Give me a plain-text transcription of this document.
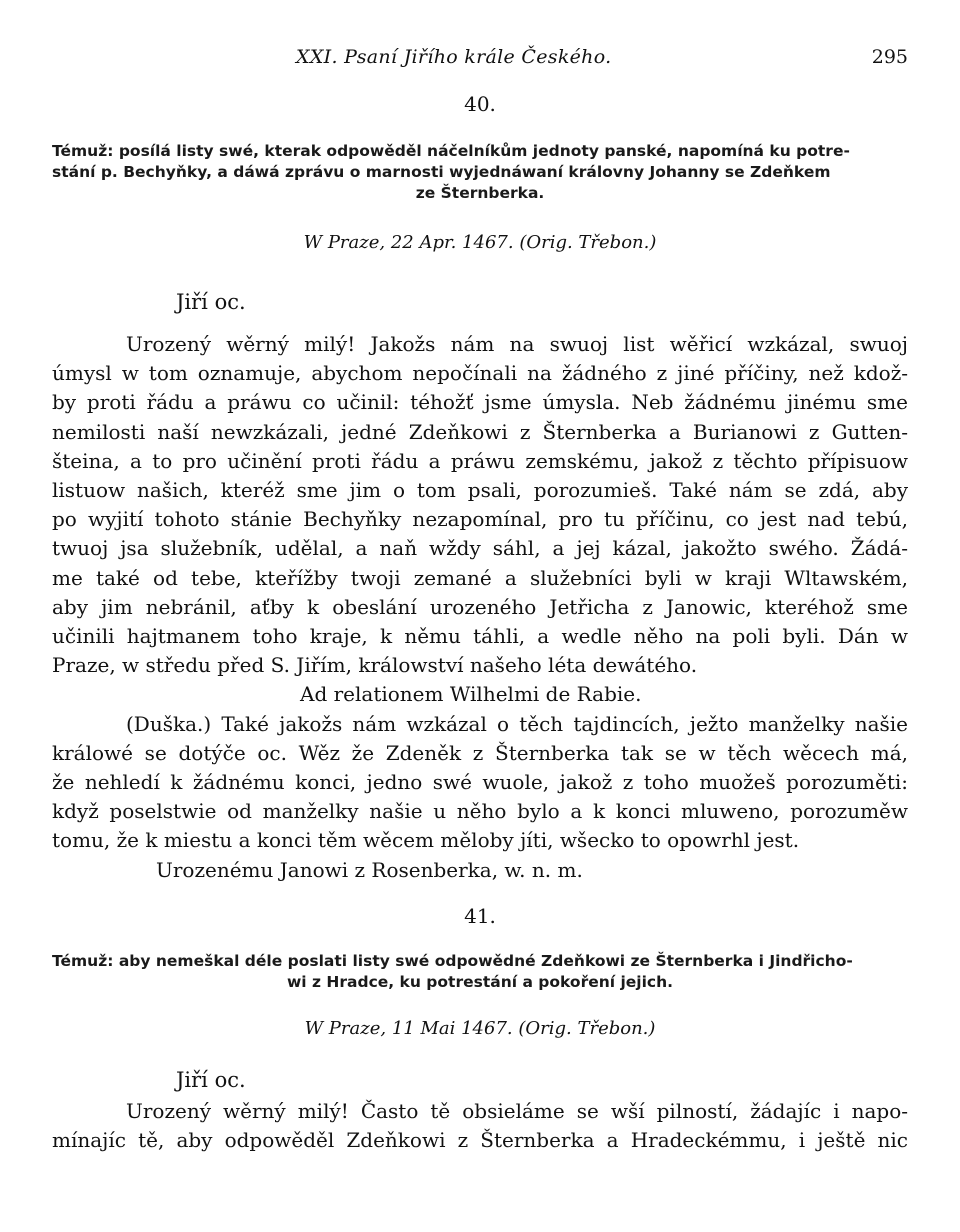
XXI. Psaní Jiřího krále Českého.	295
40.
Témuž: posílá listy swé, kterak odpowěděl náčelníkům jednoty panské, napomíná ku potre-
stání p. Bechyňky, a dáwá zprávu o marnosti wyjednáwaní královny Johanny se Zdeňkem
ze Šternberka.
W Praze, 22 Apr. 1467. (Orig. Třebon.)
Jiří oc.
Urozený wěrný milý! Jakožs nám na swuoj list wěřicí wzkázal, swuoj
úmysl w tom oznamuje, abychom nepočínali na žádného z jiné příčiny, než kdož-
by proti řádu a práwu co učinil: téhožť jsme úmysla. Neb žádnému jinému sme
nemilosti naší newzkázali, jedné Zdeňkowi z Šternberka a Burianowi z Gutten-
šteina, a to pro učinění proti řádu a práwu zemskému, jakož z těchto přípisuow
listuow našich, kteréž sme jim o tom psali, porozumieš. Také nám se zdá, aby
po wyjití tohoto stánie Bechyňky nezapomínal, pro tu příčinu, co jest nad tebú,
twuoj jsa služebník, udělal, a naň wždy sáhl, a jej kázal, jakožto swého. Žádá-
me také od tebe, kteřížby twoji zemané a služebníci byli w kraji Wltawském,
aby jim nebránil, aťby k obeslání urozeného Jetřicha z Janowic, kteréhož sme
učinili hajtmanem toho kraje, k němu táhli, a wedle něho na poli byli. Dán w
Praze, w středu před S. Jiřím, králowství našeho léta dewátého.
Ad relationem Wilhelmi de Rabie.
(Duška.) Také jakožs nám wzkázal o těch tajdincích, ježto manželky našie
králowé se dotýče oc. Wěz že Zdeněk z Šternberka tak se w těch wěcech má,
že nehledí k žádnému konci, jedno swé wuole, jakož z toho muožeš porozuměti:
když poselstwie od manželky našie u něho bylo a k konci mluweno, porozuměw
tomu, že k miestu a konci těm wěcem měloby jíti, wšecko to opowrhl jest.
Urozenému Janowi z Rosenberka, w. n. m.
41.
Témuž: aby nemeškal déle poslati listy swé odpowědné Zdeňkowi ze Šternberka i Jindřicho-
wi z Hradce, ku potrestání a pokoření jejich.
W Praze, 11 Mai 1467. (Orig. Třebon.)
Jiří oc.
Urozený wěrný milý! Často tě obsieláme se wší pilností, žádajíc i napo-
mínajíc tě, aby odpowěděl Zdeňkowi z Šternberka a Hradeckémmu, i ještě nic
